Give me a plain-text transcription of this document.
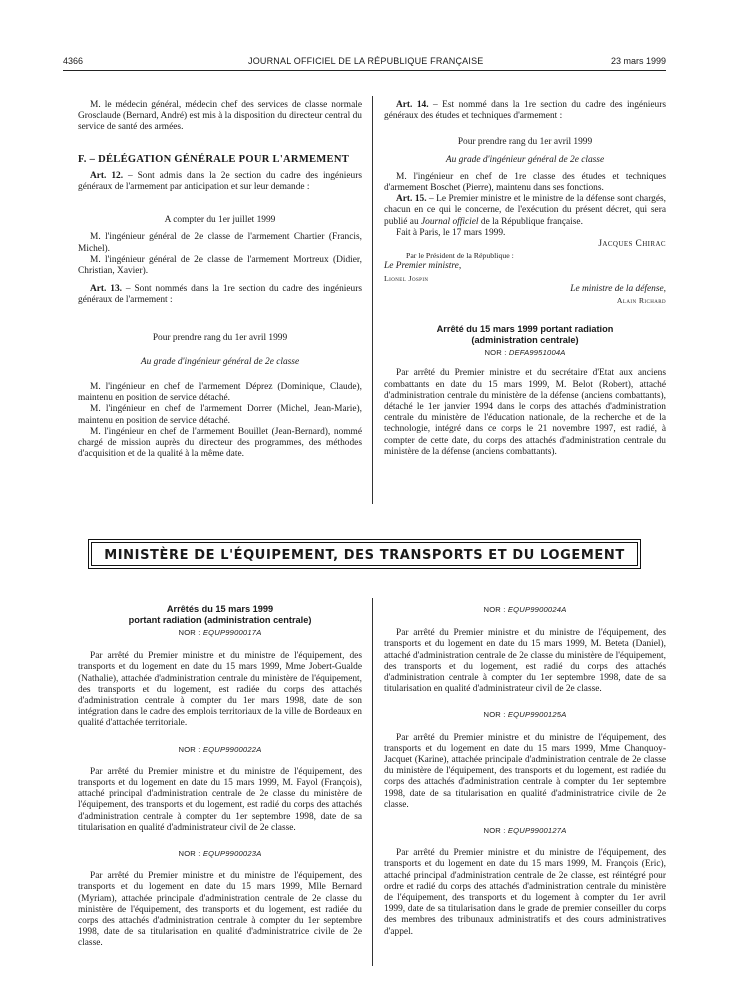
4366	JOURNAL OFFICIEL DE LA RÉPUBLIQUE FRANÇAISE	23 mars 1999

M. le médecin général, médecin chef des services de classe normale Grosclaude (Bernard, André) est mis à la disposition du directeur central du service de santé des armées.

F. – DÉLÉGATION GÉNÉRALE POUR L'ARMEMENT

Art. 12. – Sont admis dans la 2e section du cadre des ingénieurs généraux de l'armement par anticipation et sur leur demande :

A compter du 1er juillet 1999

M. l'ingénieur général de 2e classe de l'armement Chartier (Francis, Michel).

M. l'ingénieur général de 2e classe de l'armement Mortreux (Didier, Christian, Xavier).

Art. 13. – Sont nommés dans la 1re section du cadre des ingénieurs généraux de l'armement :

Pour prendre rang du 1er avril 1999

Au grade d'ingénieur général de 2e classe

M. l'ingénieur en chef de l'armement Déprez (Dominique, Claude), maintenu en position de service détaché.

M. l'ingénieur en chef de l'armement Dorrer (Michel, Jean-Marie), maintenu en position de service détaché.

M. l'ingénieur en chef de l'armement Bouillet (Jean-Bernard), nommé chargé de mission auprès du directeur des programmes, des méthodes d'acquisition et de la qualité à la même date.

Art. 14. – Est nommé dans la 1re section du cadre des ingénieurs généraux des études et techniques d'armement :

Pour prendre rang du 1er avril 1999

Au grade d'ingénieur général de 2e classe

M. l'ingénieur en chef de 1re classe des études et techniques d'armement Boschet (Pierre), maintenu dans ses fonctions.

Art. 15. – Le Premier ministre et le ministre de la défense sont chargés, chacun en ce qui le concerne, de l'exécution du présent décret, qui sera publié au Journal officiel de la République française.

Fait à Paris, le 17 mars 1999.

Jacques Chirac

Par le Président de la République :

Le Premier ministre,

Lionel Jospin

Le ministre de la défense,

Alain Richard

Arrêté du 15 mars 1999 portant radiation

(administration centrale)

NOR : DEFA9951004A

Par arrêté du Premier ministre et du secrétaire d'Etat aux anciens combattants en date du 15 mars 1999, M. Belot (Robert), attaché d'administration centrale du ministère de la défense (anciens combattants), détaché le 1er janvier 1994 dans le corps des attachés d'administration centrale du ministère de l'éducation nationale, de la recherche et de la technologie, intégré dans ce corps le 21 novembre 1997, est radié, à compter de cette date, du corps des attachés d'administration centrale du ministère de la défense (anciens combattants).

MINISTÈRE DE L'ÉQUIPEMENT, DES TRANSPORTS ET DU LOGEMENT

Arrêtés du 15 mars 1999

portant radiation (administration centrale)

NOR : EQUP9900017A

Par arrêté du Premier ministre et du ministre de l'équipement, des transports et du logement en date du 15 mars 1999, Mme Jobert-Gualde (Nathalie), attachée d'administration centrale du ministère de l'équipement, des transports et du logement, est radiée du corps des attachés d'administration centrale à compter du 1er mars 1998, date de son intégration dans le cadre des emplois territoriaux de la ville de Bordeaux en qualité d'attachée territoriale.

NOR : EQUP9900022A

Par arrêté du Premier ministre et du ministre de l'équipement, des transports et du logement en date du 15 mars 1999, M. Fayol (François), attaché principal d'administration centrale de 2e classe du ministère de l'équipement, des transports et du logement, est radié du corps des attachés d'administration centrale à compter du 1er septembre 1998, date de sa titularisation en qualité d'administrateur civil de 2e classe.

NOR : EQUP9900023A

Par arrêté du Premier ministre et du ministre de l'équipement, des transports et du logement en date du 15 mars 1999, Mlle Bernard (Myriam), attachée principale d'administration centrale de 2e classe du ministère de l'équipement, des transports et du logement, est radiée du corps des attachés d'administration centrale à compter du 1er septembre 1998, date de sa titularisation en qualité d'administratrice civile de 2e classe.

NOR : EQUP9900024A

Par arrêté du Premier ministre et du ministre de l'équipement, des transports et du logement en date du 15 mars 1999, M. Beteta (Daniel), attaché d'administration centrale de 2e classe du ministère de l'équipement, des transports et du logement, est radié du corps des attachés d'administration centrale à compter du 1er septembre 1998, date de sa titularisation en qualité d'administrateur civil de 2e classe.

NOR : EQUP9900125A

Par arrêté du Premier ministre et du ministre de l'équipement, des transports et du logement en date du 15 mars 1999, Mme Chanquoy-Jacquet (Karine), attachée principale d'administration centrale de 2e classe du ministère de l'équipement, des transports et du logement, est radiée du corps des attachés d'administration centrale à compter du 1er septembre 1998, date de sa titularisation en qualité d'administratrice civile de 2e classe.

NOR : EQUP9900127A

Par arrêté du Premier ministre et du ministre de l'équipement, des transports et du logement en date du 15 mars 1999, M. François (Eric), attaché principal d'administration centrale de 2e classe, est réintégré pour ordre et radié du corps des attachés d'administration centrale du ministère de l'équipement, des transports et du logement à compter du 1er avril 1999, date de sa titularisation dans le grade de premier conseiller du corps des membres des tribunaux administratifs et des cours administratives d'appel.
